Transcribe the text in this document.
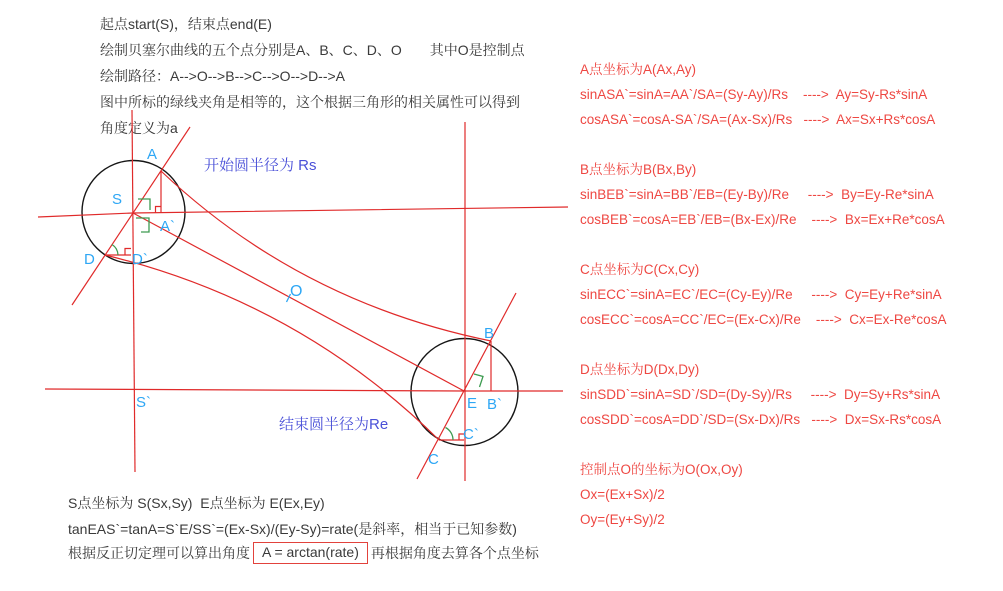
起点start(S)，结束点end(E)
绘制贝塞尔曲线的五个点分别是A、B、C、D、O　　其中O是控制点
绘制路径：A-->O-->B-->C-->O-->D-->A
图中所标的绿线夹角是相等的，这个根据三角形的相关属性可以得到
角度定义为a
A
S
A`
D D`
S`
O
B
E B`
C
C`
开始圆半径为 Rs
结束圆半径为Re
A点坐标为A(Ax,Ay)
sinASA`=sinA=AA`/SA=(Sy-Ay)/Rs    ---->  Ay=Sy-Rs*sinA
cosASA`=cosA-SA`/SA=(Ax-Sx)/Rs   ---->  Ax=Sx+Rs*cosA
B点坐标为B(Bx,By)
sinBEB`=sinA=BB`/EB=(Ey-By)/Re     ---->  By=Ey-Re*sinA
cosBEB`=cosA=EB`/EB=(Bx-Ex)/Re    ---->  Bx=Ex+Re*cosA
C点坐标为C(Cx,Cy)
sinECC`=sinA=EC`/EC=(Cy-Ey)/Re     ---->  Cy=Ey+Re*sinA
cosECC`=cosA=CC`/EC=(Ex-Cx)/Re    ---->  Cx=Ex-Re*cosA
D点坐标为D(Dx,Dy)
sinSDD`=sinA=SD`/SD=(Dy-Sy)/Rs     ---->  Dy=Sy+Rs*sinA
cosSDD`=cosA=DD`/SD=(Sx-Dx)/Rs   ---->  Dx=Sx-Rs*cosA
控制点O的坐标为O(Ox,Oy)
Ox=(Ex+Sx)/2
Oy=(Ey+Sy)/2
S点坐标为 S(Sx,Sy)  E点坐标为 E(Ex,Ey)
tanEAS`=tanA=S`E/SS`=(Ex-Sx)/(Ey-Sy)=rate(是斜率，相当于已知参数)
根据反正切定理可以算出角度 A = arctan(rate) 再根据角度去算各个点坐标
